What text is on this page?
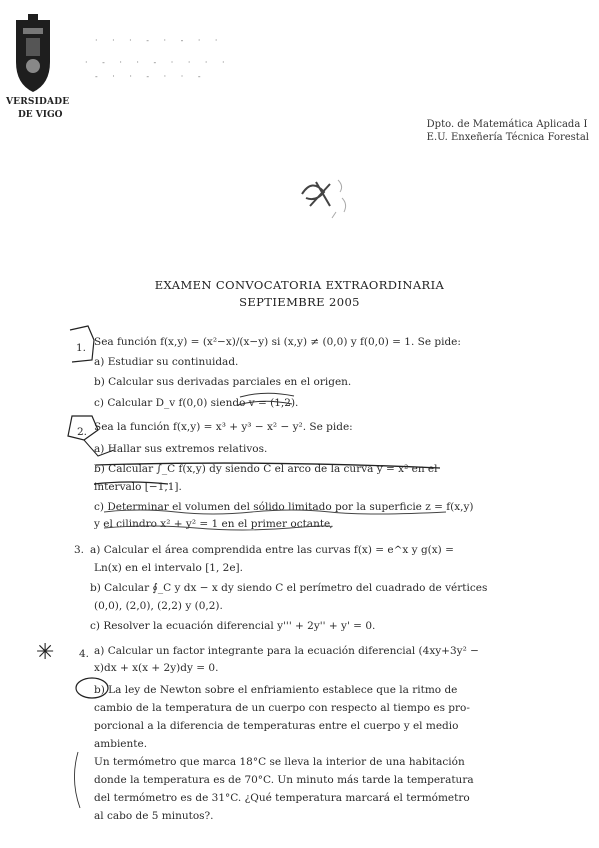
VERSIDADE
DE VIGO
· · · - · - · ·
· - · · - · · · ·
- · · - · · -
Dpto. de Matemática Aplicada I
E.U. Enxeñería Técnica Forestal
EXAMEN CONVOCATORIA EXTRAORDINARIA
SEPTIEMBRE 2005
1. Sea función f(x,y) = (x²−x)/(x−y) si (x,y) ≠ (0,0) y f(0,0) = 1. Se pide:
a) Estudiar su continuidad.
b) Calcular sus derivadas parciales en el origen.
c) Calcular D_v f(0,0) siendo v = (1,2).
2. Sea la función f(x,y) = x³ + y³ − x² − y². Se pide:
a) Hallar sus extremos relativos.
b) Calcular ∫_C f(x,y) dy siendo C el arco de la curva y = x² en el
intervalo [−1,1].
c) Determinar el volumen del sólido limitado por la superficie z = f(x,y)
y el cilindro x² + y² = 1 en el primer octante.
3. a) Calcular el área comprendida entre las curvas f(x) = e^x y g(x) =
Ln(x) en el intervalo [1, 2e].
b) Calcular ∮_C y dx − x dy siendo C el perímetro del cuadrado de vértices
(0,0), (2,0), (2,2) y (0,2).
c) Resolver la ecuación diferencial y''' + 2y'' + y' = 0.
✳ 4. a) Calcular un factor integrante para la ecuación diferencial (4xy+3y² −
x)dx + x(x + 2y)dy = 0.
b) La ley de Newton sobre el enfriamiento establece que la ritmo de
cambio de la temperatura de un cuerpo con respecto al tiempo es pro-
porcional a la diferencia de temperaturas entre el cuerpo y el medio
ambiente.
Un termómetro que marca 18°C se lleva la interior de una habitación
donde la temperatura es de 70°C. Un minuto más tarde la temperatura
del termómetro es de 31°C. ¿Qué temperatura marcará el termómetro
al cabo de 5 minutos?.
